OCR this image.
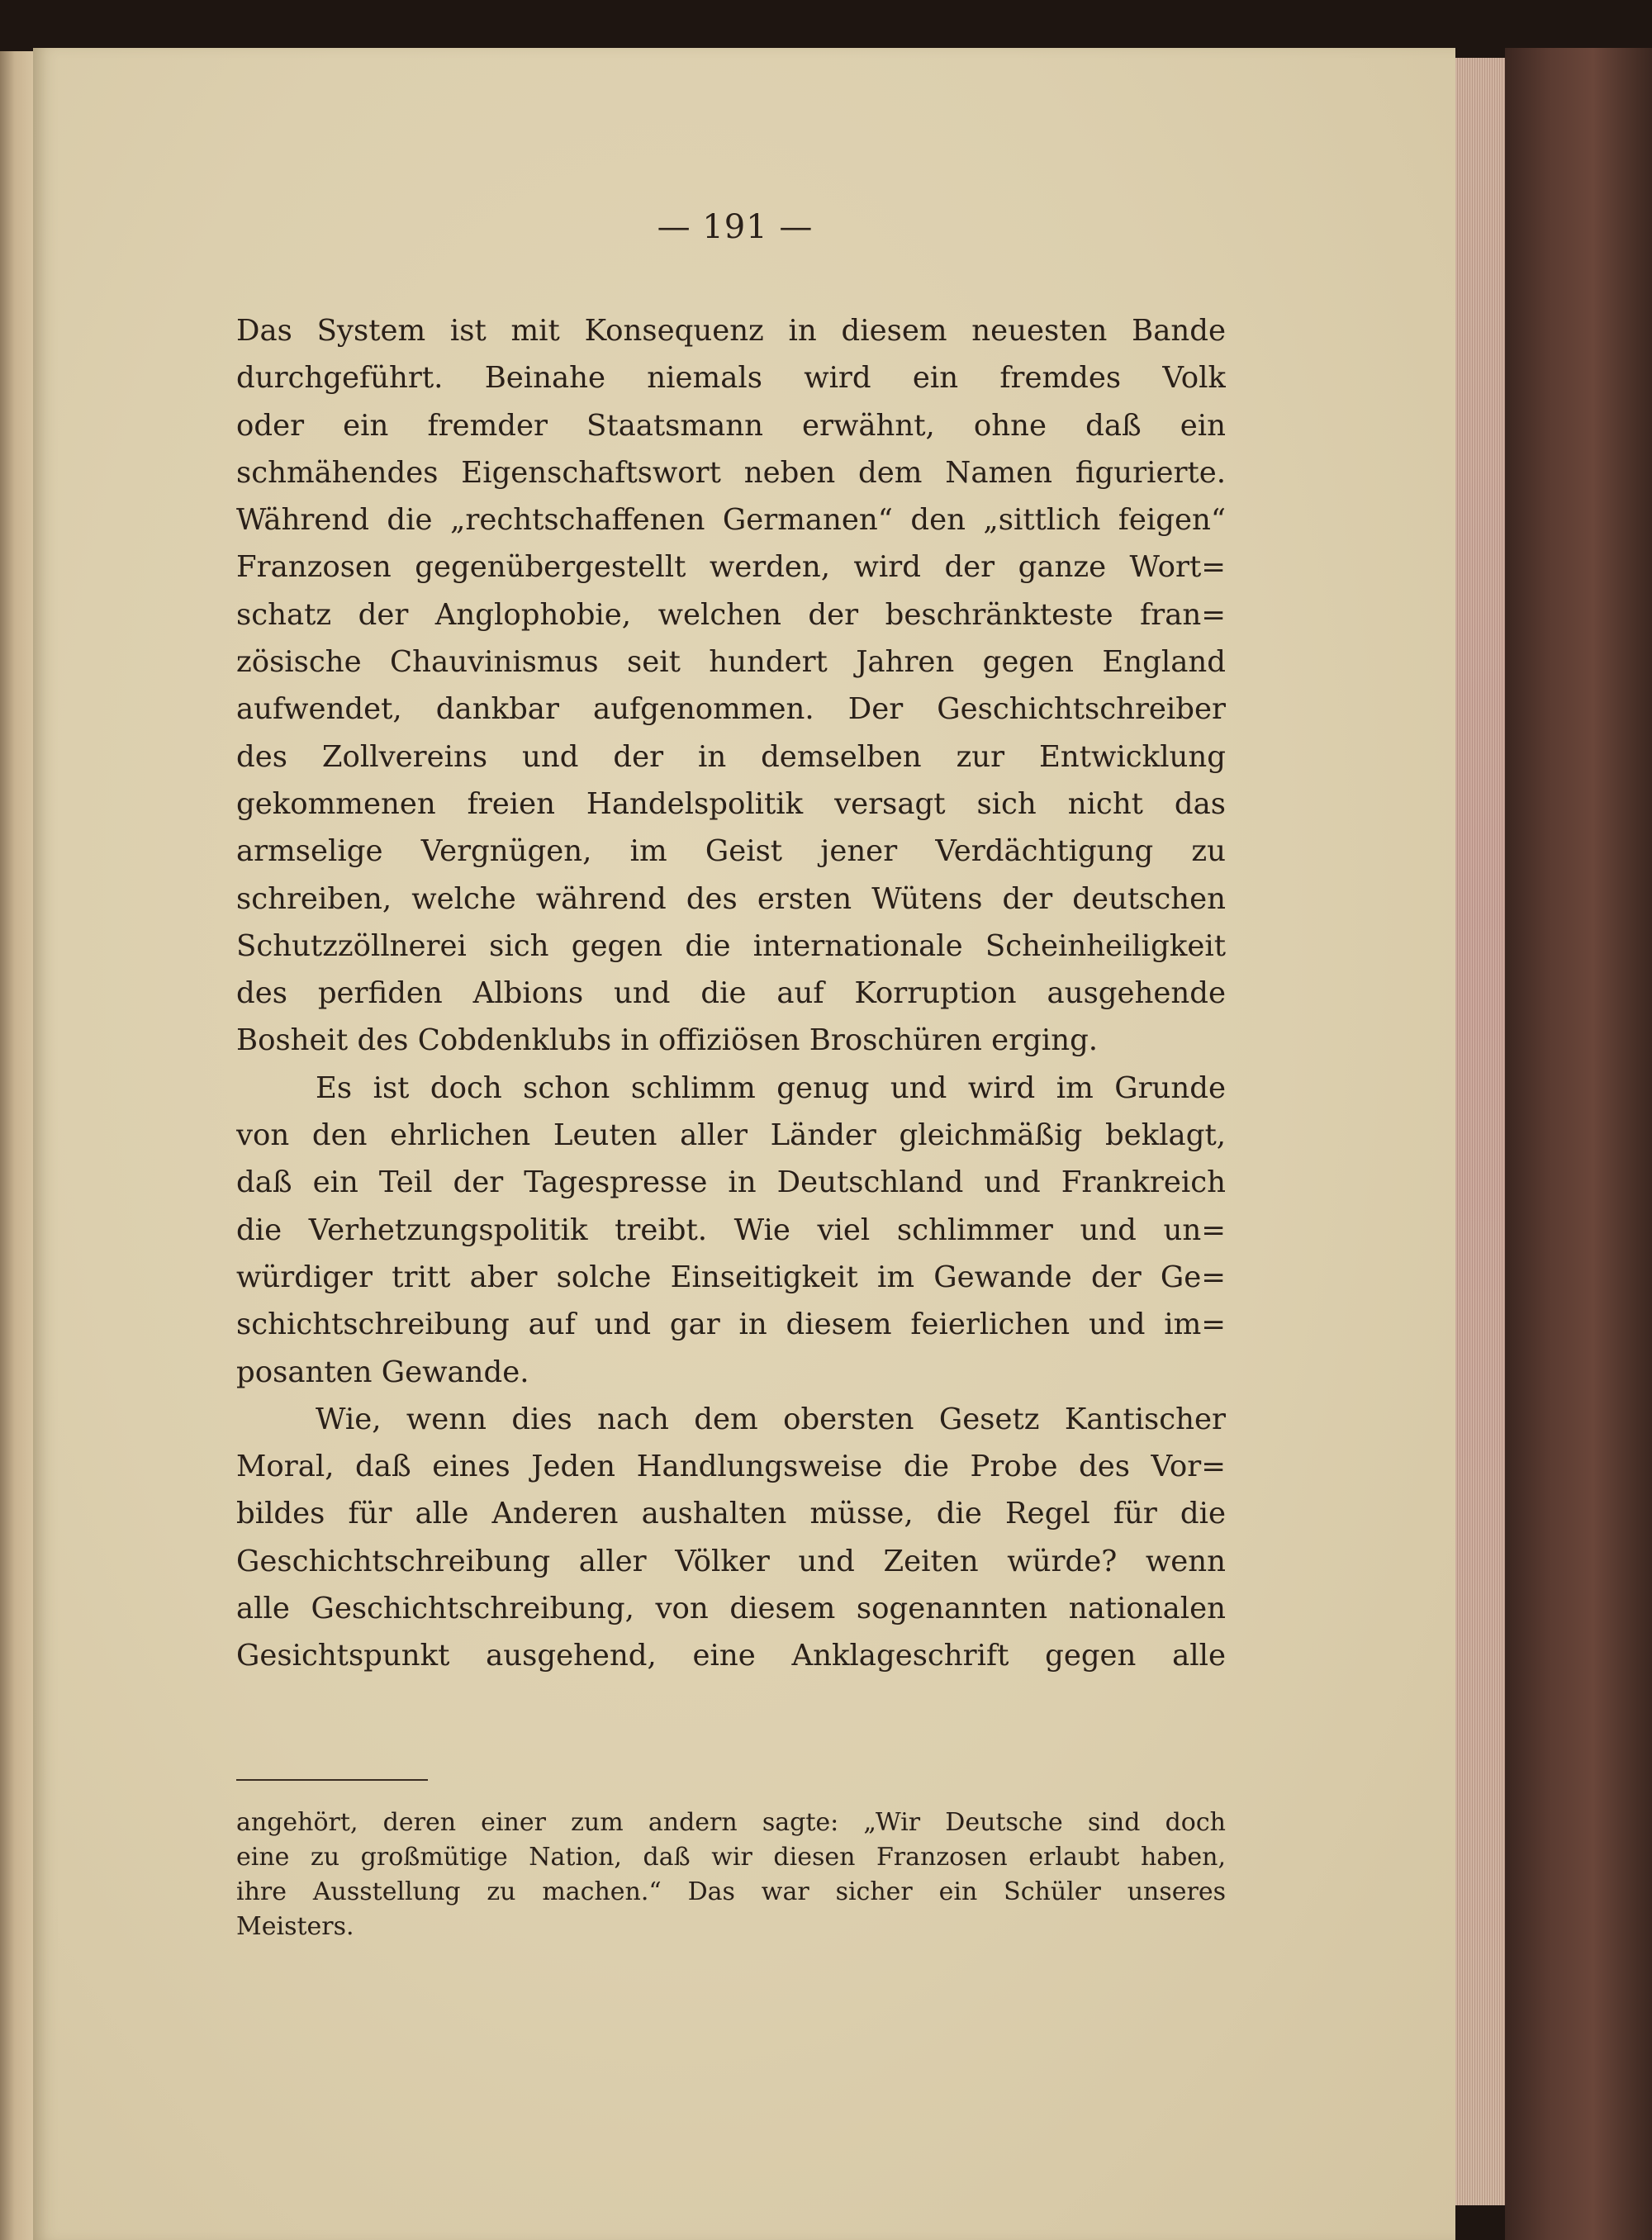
— 191 —
Das System ist mit Konsequenz in diesem neuesten Bande
durchgeführt. Beinahe niemals wird ein fremdes Volk
oder ein fremder Staatsmann erwähnt, ohne daß ein
schmähendes Eigenschaftswort neben dem Namen figurierte.
Während die „rechtschaffenen Germanen“ den „sittlich feigen“
Franzosen gegenübergestellt werden, wird der ganze Wort=
schatz der Anglophobie, welchen der beschränkteste fran=
zösische Chauvinismus seit hundert Jahren gegen England
aufwendet, dankbar aufgenommen. Der Geschichtschreiber
des Zollvereins und der in demselben zur Entwicklung
gekommenen freien Handelspolitik versagt sich nicht das
armselige Vergnügen, im Geist jener Verdächtigung zu
schreiben, welche während des ersten Wütens der deutschen
Schutzzöllnerei sich gegen die internationale Scheinheiligkeit
des perfiden Albions und die auf Korruption ausgehende
Bosheit des Cobdenklubs in offiziösen Broschüren erging.
Es ist doch schon schlimm genug und wird im Grunde
von den ehrlichen Leuten aller Länder gleichmäßig beklagt,
daß ein Teil der Tagespresse in Deutschland und Frankreich
die Verhetzungspolitik treibt. Wie viel schlimmer und un=
würdiger tritt aber solche Einseitigkeit im Gewande der Ge=
schichtschreibung auf und gar in diesem feierlichen und im=
posanten Gewande.
Wie, wenn dies nach dem obersten Gesetz Kantischer
Moral, daß eines Jeden Handlungsweise die Probe des Vor=
bildes für alle Anderen aushalten müsse, die Regel für die
Geschichtschreibung aller Völker und Zeiten würde? wenn
alle Geschichtschreibung, von diesem sogenannten nationalen
Gesichtspunkt ausgehend, eine Anklageschrift gegen alle
angehört, deren einer zum andern sagte: „Wir Deutsche sind doch
eine zu großmütige Nation, daß wir diesen Franzosen erlaubt haben,
ihre Ausstellung zu machen.“ Das war sicher ein Schüler unseres
Meisters.
